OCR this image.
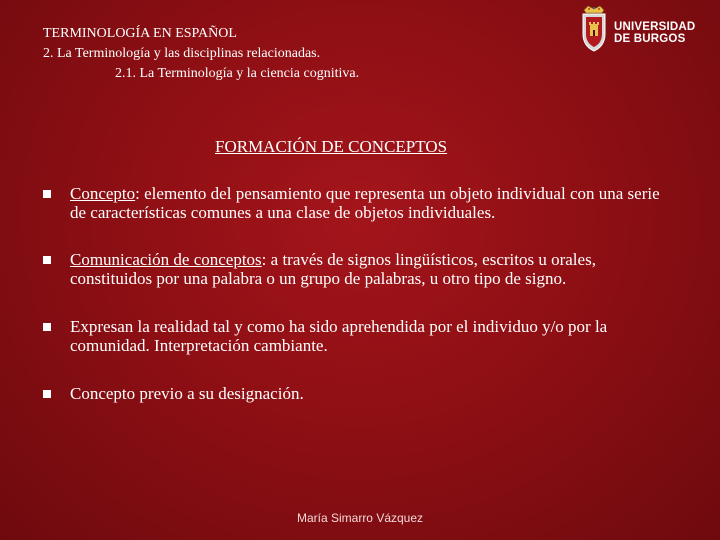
TERMINOLOGÍA EN ESPAÑOL
2. La Terminología y las disciplinas relacionadas.
2.1. La Terminología y la ciencia cognitiva.
UNIVERSIDAD
DE BURGOS
FORMACIÓN DE CONCEPTOS
Concepto: elemento del pensamiento que representa un objeto individual con una serie de características comunes a una clase de objetos individuales.
Comunicación de conceptos: a través de signos lingüísticos, escritos u orales, constituidos por una palabra o un grupo de palabras, u otro tipo de signo.
Expresan la realidad tal y como ha sido aprehendida por el individuo y/o por la comunidad. Interpretación cambiante.
Concepto previo a su designación.
María Simarro Vázquez
